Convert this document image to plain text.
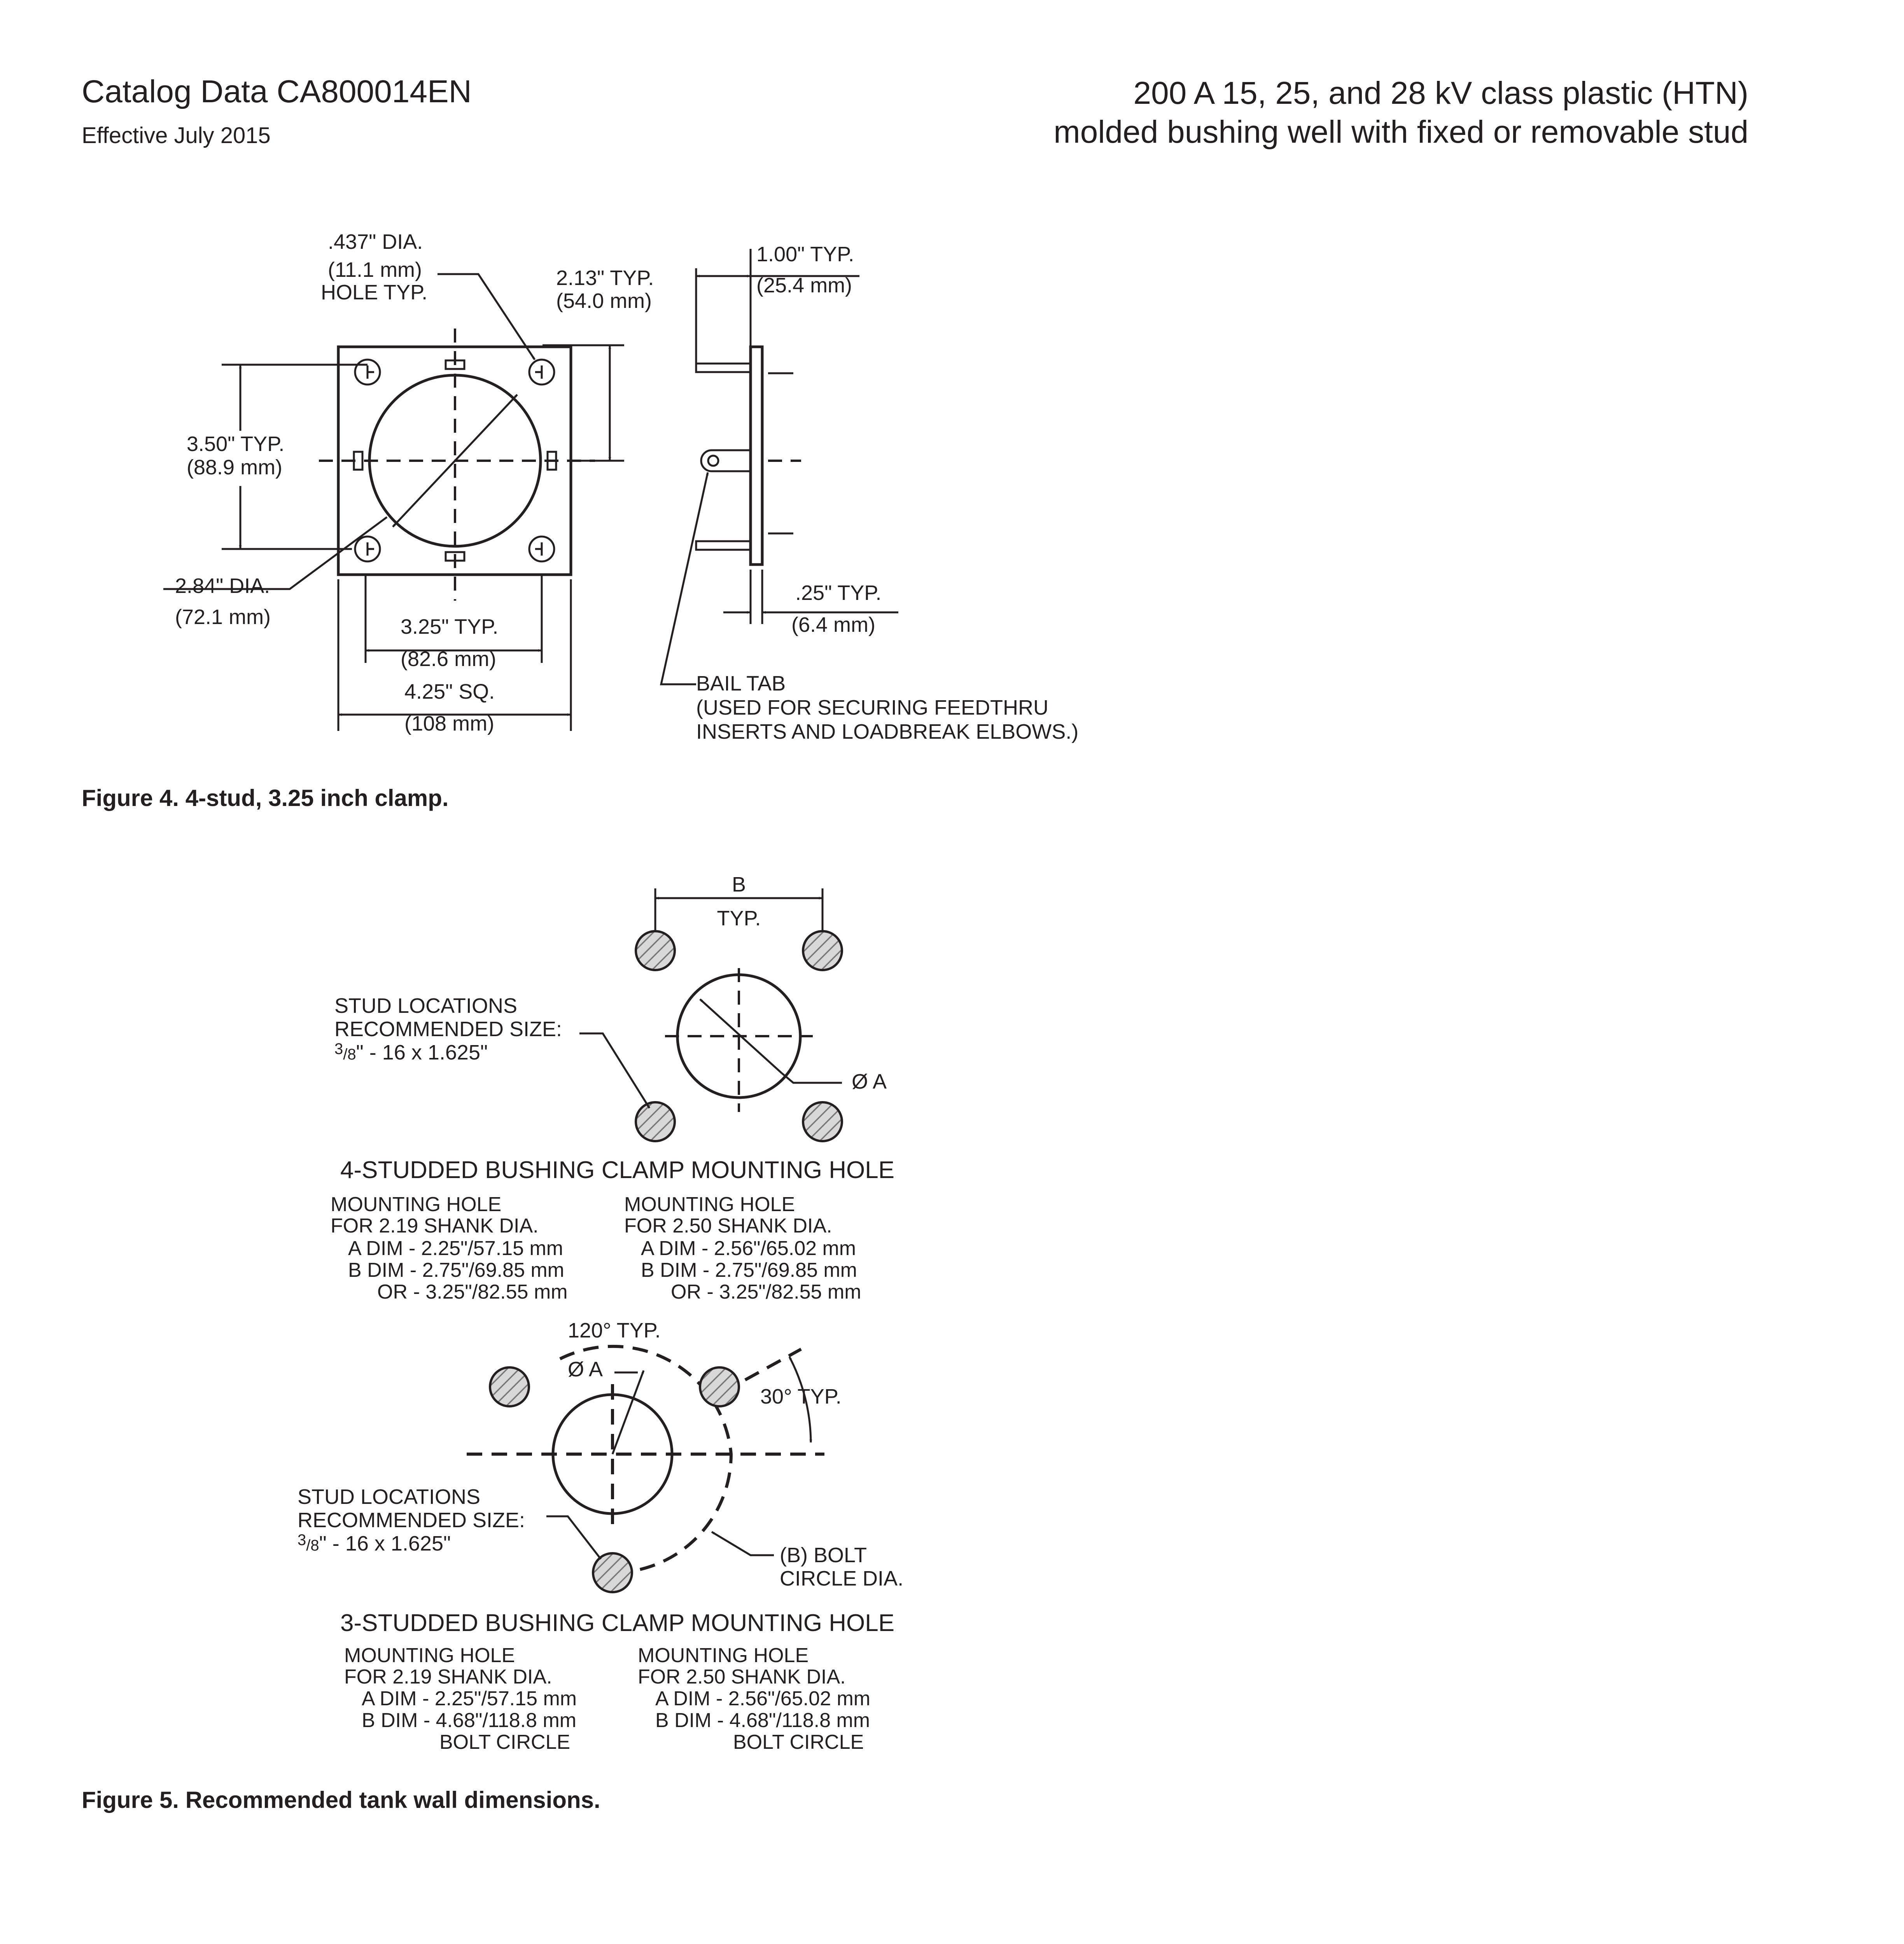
Catalog Data CA800014EN
Effective July 2015
200 A 15, 25, and 28 kV class plastic (HTN)
molded bushing well with fixed or removable stud
.437" DIA.
(11.1 mm)
HOLE TYP.
2.13" TYP.
(54.0 mm)
1.00" TYP.
(25.4 mm)
3.50" TYP.
(88.9 mm)
2.84" DIA.
(72.1 mm)	3.25" TYP.
(82.6 mm)
4.25" SQ.
(108 mm)
.25" TYP.
(6.4 mm)
BAIL TAB
(USED FOR SECURING FEEDTHRU
INSERTS AND LOADBREAK ELBOWS.)
B
TYP.
STUD LOCATIONS
RECOMMENDED SIZE:
$^3_/$8" - 16 x 1.625"
Ø A
4-STUDDED BUSHING CLAMP MOUNTING HOLE
MOUNTING HOLE
FOR 2.19 SHANK DIA.
A DIM - 2.25"/57.15 mm
B DIM - 2.75"/69.85 mm
OR - 3.25"/82.55 mm
MOUNTING HOLE
FOR 2.50 SHANK DIA.
A DIM - 2.56"/65.02 mm
B DIM - 2.75"/69.85 mm
OR - 3.25"/82.55 mm
120° TYP.
Ø A
30° TYP.
STUD LOCATIONS
RECOMMENDED SIZE:
$^3_/$8" - 16 x 1.625"	(B) BOLT
CIRCLE DIA.
3-STUDDED BUSHING CLAMP MOUNTING HOLE
MOUNTING HOLE
FOR 2.19 SHANK DIA.
A DIM - 2.25"/57.15 mm
B DIM - 4.68"/118.8 mm
BOLT CIRCLE
MOUNTING HOLE
FOR 2.50 SHANK DIA.
A DIM - 2.56"/65.02 mm
B DIM - 4.68"/118.8 mm
BOLT CIRCLE
Figure 4. 4-stud, 3.25 inch clamp.
Figure 5. Recommended tank wall dimensions.
